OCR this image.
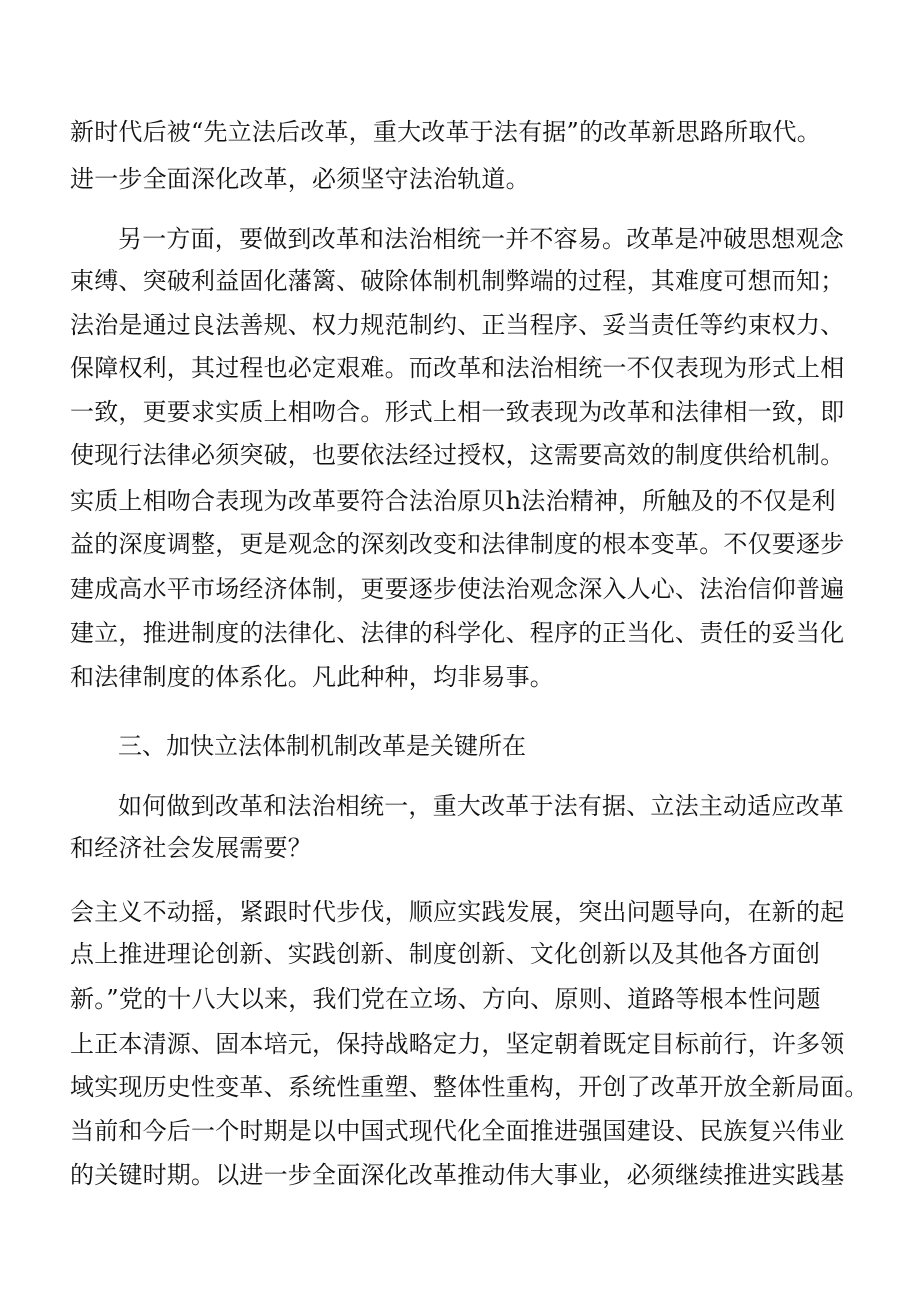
新时代后被“先立法后改革，重大改革于法有据”的改革新思路所取代。
进一步全面深化改革，必须坚守法治轨道。
另一方面，要做到改革和法治相统一并不容易。改革是冲破思想观念
束缚、突破利益固化藩篱、破除体制机制弊端的过程，其难度可想而知；
法治是通过良法善规、权力规范制约、正当程序、妥当责任等约束权力、
保障权利，其过程也必定艰难。而改革和法治相统一不仅表现为形式上相
一致，更要求实质上相吻合。形式上相一致表现为改革和法律相一致，即
使现行法律必须突破，也要依法经过授权，这需要高效的制度供给机制。
实质上相吻合表现为改革要符合法治原贝h法治精神，所触及的不仅是利
益的深度调整，更是观念的深刻改变和法律制度的根本变革。不仅要逐步
建成高水平市场经济体制，更要逐步使法治观念深入人心、法治信仰普遍
建立，推进制度的法律化、法律的科学化、程序的正当化、责任的妥当化
和法律制度的体系化。凡此种种，均非易事。
三、加快立法体制机制改革是关键所在
如何做到改革和法治相统一，重大改革于法有据、立法主动适应改革
和经济社会发展需要？
会主义不动摇，紧跟时代步伐，顺应实践发展，突出问题导向，在新的起
点上推进理论创新、实践创新、制度创新、文化创新以及其他各方面创
新。”党的十八大以来，我们党在立场、方向、原则、道路等根本性问题
上正本清源、固本培元，保持战略定力，坚定朝着既定目标前行，许多领
域实现历史性变革、系统性重塑、整体性重构，开创了改革开放全新局面。
当前和今后一个时期是以中国式现代化全面推进强国建设、民族复兴伟业
的关键时期。以进一步全面深化改革推动伟大事业，必须继续推进实践基
